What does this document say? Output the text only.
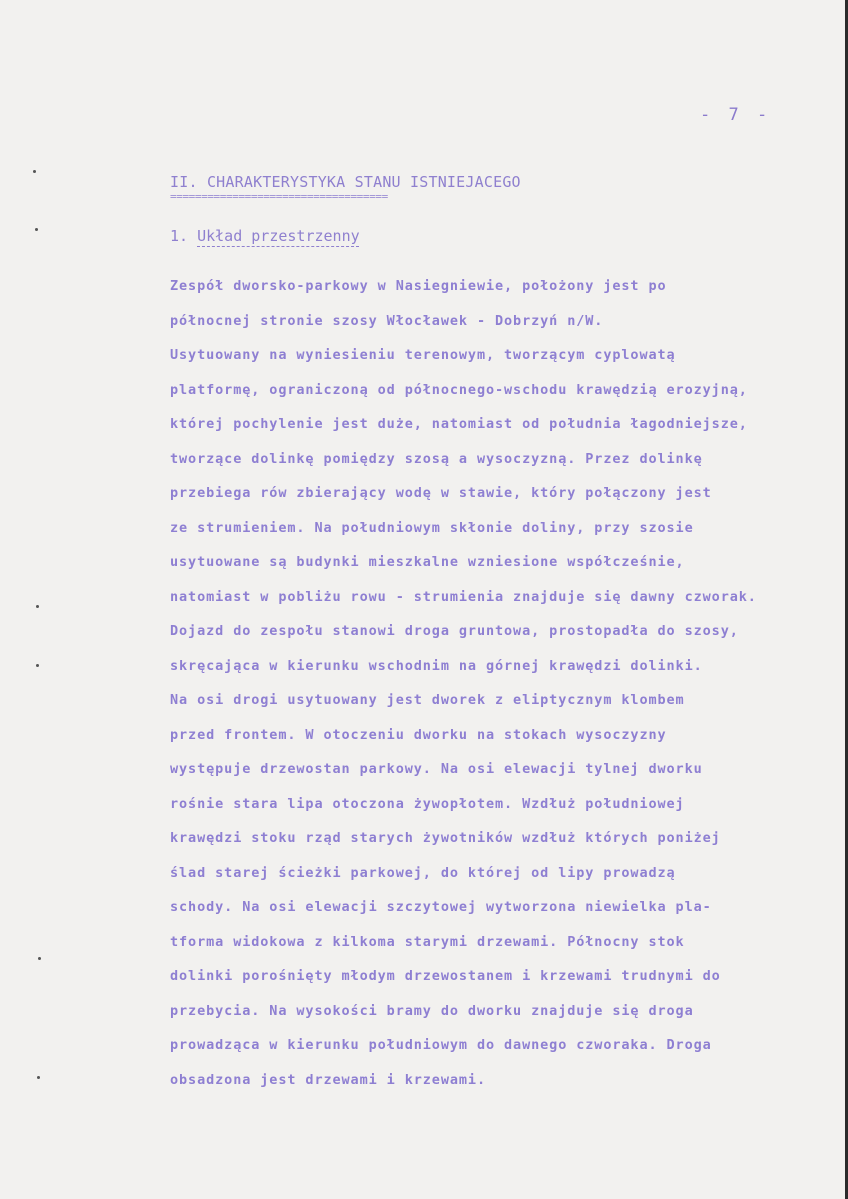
- 7 -
II. CHARAKTERYSTYKA STANU ISTNIEJACEGO
===================================
1. Układ przestrzenny
Zespół dworsko-parkowy w Nasiegniewie, położony jest po
północnej stronie szosy Włocławek - Dobrzyń n/W.
Usytuowany na wyniesieniu terenowym, tworzącym cyplowatą
platformę, ograniczoną od północnego-wschodu krawędzią erozyjną,
której pochylenie jest duże, natomiast od południa łagodniejsze,
tworzące dolinkę pomiędzy szosą a wysoczyzną. Przez dolinkę
przebiega rów zbierający wodę w stawie, który połączony jest
ze strumieniem. Na południowym skłonie doliny, przy szosie
usytuowane są budynki mieszkalne wzniesione współcześnie,
natomiast w pobliżu rowu - strumienia znajduje się dawny czworak.
Dojazd do zespołu stanowi droga gruntowa, prostopadła do szosy,
skręcająca w kierunku wschodnim na górnej krawędzi dolinki.
Na osi drogi usytuowany jest dworek z eliptycznym klombem
przed frontem. W otoczeniu dworku na stokach wysoczyzny
występuje drzewostan parkowy. Na osi elewacji tylnej dworku
rośnie stara lipa otoczona żywopłotem. Wzdłuż południowej
krawędzi stoku rząd starych żywotników wzdłuż których poniżej
ślad starej ścieżki parkowej, do której od lipy prowadzą
schody. Na osi elewacji szczytowej wytworzona niewielka pla-
tforma widokowa z kilkoma starymi drzewami. Północny stok
dolinki porośnięty młodym drzewostanem i krzewami trudnymi do
przebycia. Na wysokości bramy do dworku znajduje się droga
prowadząca w kierunku południowym do dawnego czworaka. Droga
obsadzona jest drzewami i krzewami.
